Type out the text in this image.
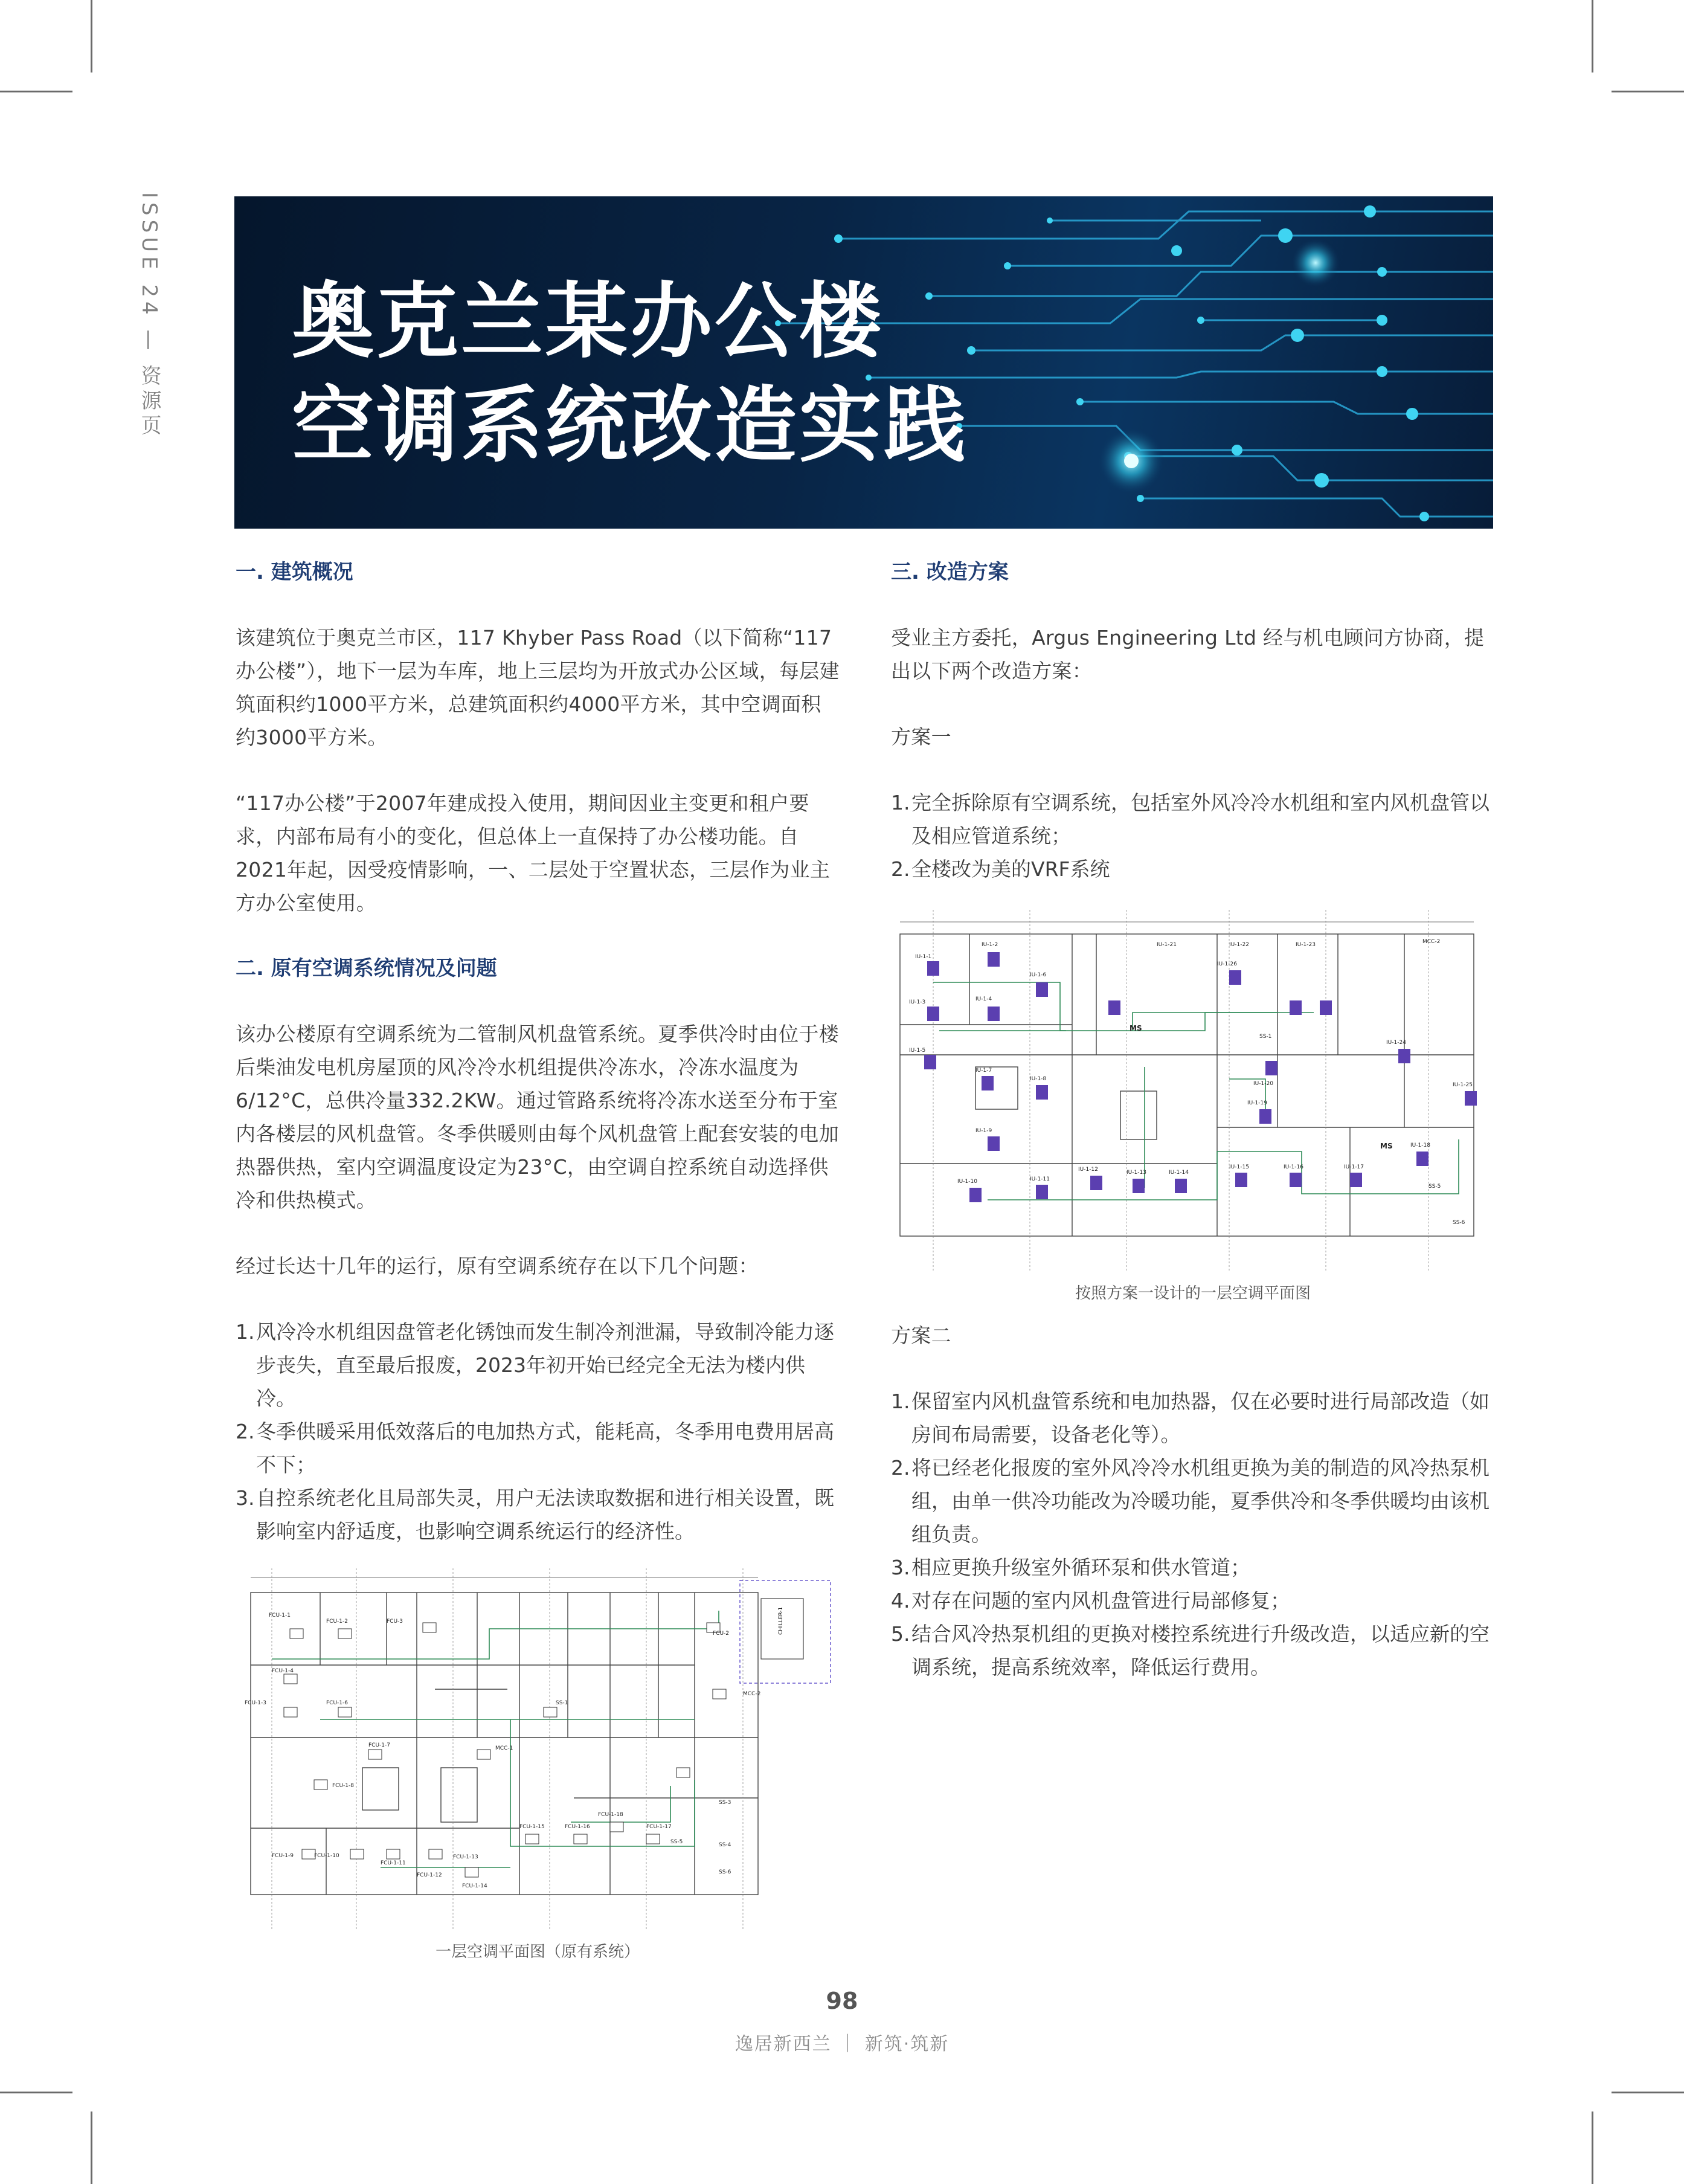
ISSUE 24 — 资源页 奥克兰某办公楼
空调系统改造实践
一. 建筑概况

该建筑位于奥克兰市区，117 Khyber Pass Road（以下简称“117办公楼”），地下一层为车库，地上三层均为开放式办公区域，每层建筑面积约1000平方米，总建筑面积约4000平方米，其中空调面积约3000平方米。

“117办公楼”于2007年建成投入使用，期间因业主变更和租户要求，内部布局有小的变化，但总体上一直保持了办公楼功能。自2021年起，因受疫情影响，一、二层处于空置状态，三层作为业主方办公室使用。

二. 原有空调系统情况及问题

该办公楼原有空调系统为二管制风机盘管系统。夏季供冷时由位于楼后柴油发电机房屋顶的风冷冷水机组提供冷冻水，冷冻水温度为6/12°C，总供冷量332.2KW。通过管路系统将冷冻水送至分布于室内各楼层的风机盘管。冬季供暖则由每个风机盘管上配套安装的电加热器供热，室内空调温度设定为23°C，由空调自控系统自动选择供冷和供热模式。

经过长达十几年的运行，原有空调系统存在以下几个问题：

1. 风冷冷水机组因盘管老化锈蚀而发生制冷剂泄漏，导致制冷能力逐步丧失，直至最后报废，2023年初开始已经完全无法为楼内供冷。
2. 冬季供暖采用低效落后的电加热方式，能耗高，冬季用电费用居高不下；
3. 自控系统老化且局部失灵，用户无法读取数据和进行相关设置，既影响室内舒适度，也影响空调系统运行的经济性。
CHILLER-1
FCU-1-1
FCU-1-2
FCU-1-4
FCU-1-3	FCU-1-6
FCU-3
FCU-1-7
FCU-1-8
FCU-1-9	FCU-1-10
FCU-1-11
FCU-1-12
FCU-1-13
FCU-1-14
FCU-1-15	FCU-1-16
FCU-1-18
FCU-1-17
FCU-2
SS-1
SS-3
SS-4
SS-5
SS-6
MCC-1
MCC-2
一层空调平面图（原有系统）
三. 改造方案

受业主方委托，Argus Engineering Ltd 经与机电顾问方协商，提出以下两个改造方案：

方案一

1. 完全拆除原有空调系统，包括室外风冷冷水机组和室内风机盘管以及相应管道系统；
2. 全楼改为美的VRF系统
IU-1-1
IU-1-2
IU-1-3	IU-1-4
IU-1-5
IU-1-6
IU-1-7
IU-1-8
IU-1-9
IU-1-10	IU-1-11
IU-1-12	IU-1-13	IU-1-14
IU-1-15	IU-1-16	IU-1-17
IU-1-18
IU-1-19
IU-1-20
IU-1-21	IU-1-22	IU-1-23
IU-1-24
IU-1-25
IU-1-26
MCC-2
SS-1
SS-5
SS-6
MS
MS
按照方案一设计的一层空调平面图

方案二

1. 保留室内风机盘管系统和电加热器，仅在必要时进行局部改造（如房间布局需要，设备老化等）。
2. 将已经老化报废的室外风冷冷水机组更换为美的制造的风冷热泵机组，由单一供冷功能改为冷暖功能，夏季供冷和冬季供暖均由该机组负责。
3. 相应更换升级室外循环泵和供水管道；
4. 对存在问题的室内风机盘管进行局部修复；
5. 结合风冷热泵机组的更换对楼控系统进行升级改造，以适应新的空调系统，提高系统效率，降低运行费用。
98
逸居新西兰 ｜ 新筑·筑新
